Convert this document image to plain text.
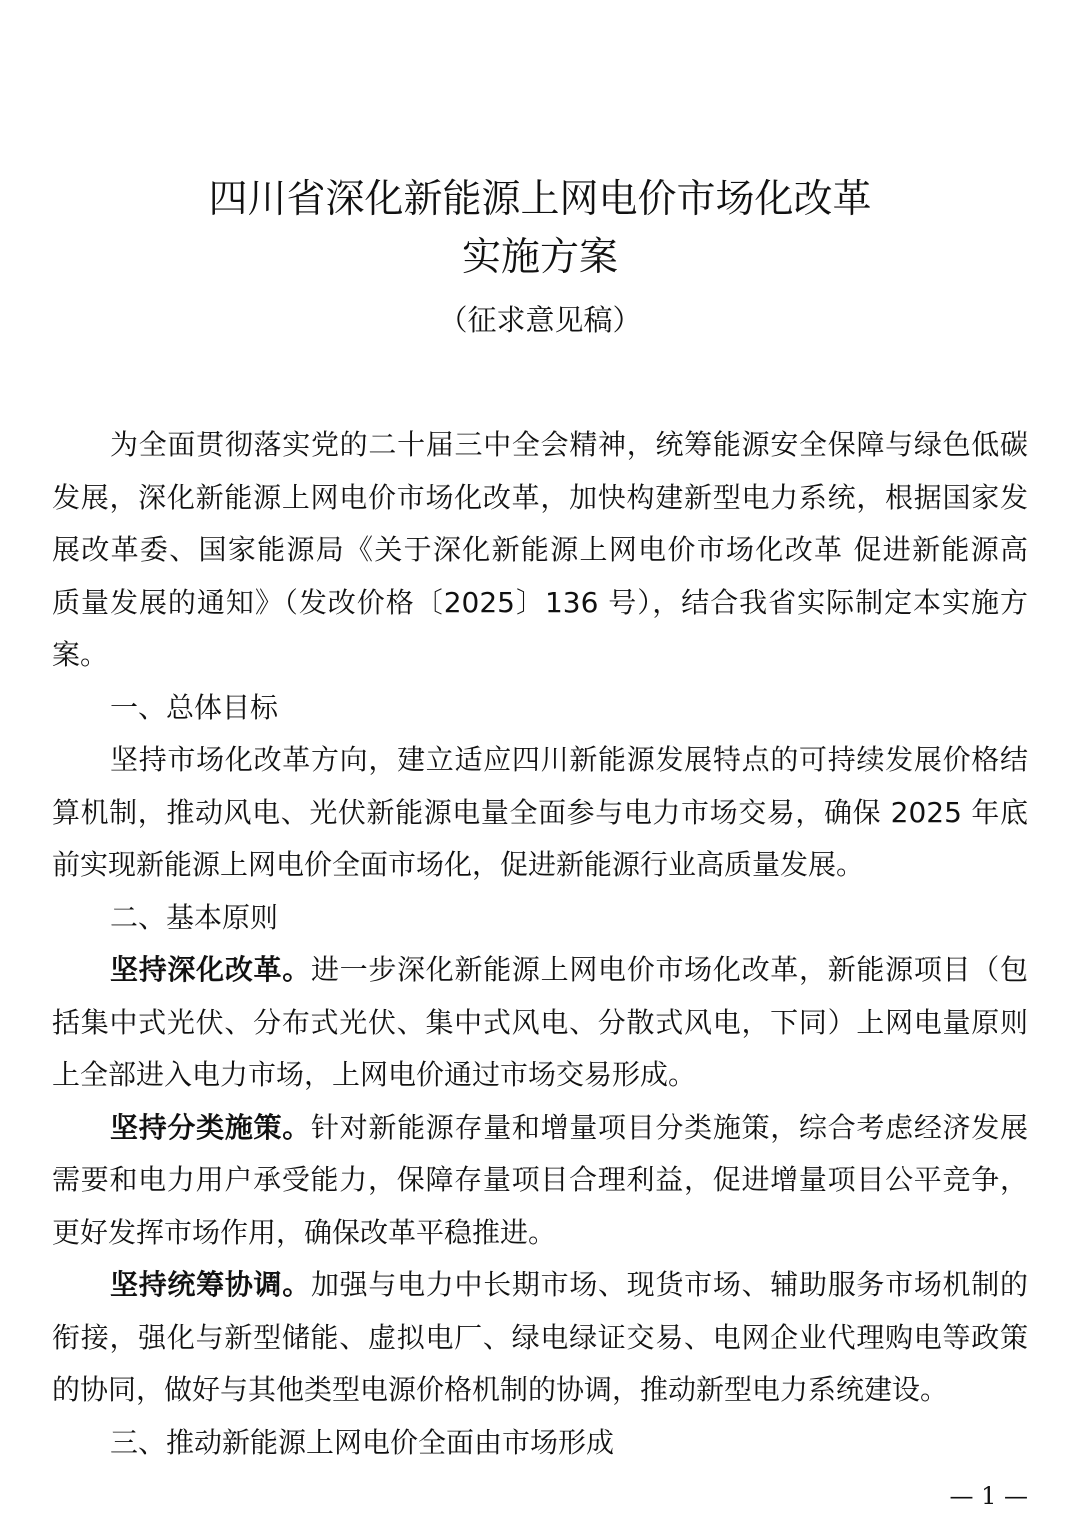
四川省深化新能源上网电价市场化改革
实施方案
（征求意见稿）
为全面贯彻落实党的二十届三中全会精神，统筹能源安全保障与绿色低碳
发展，深化新能源上网电价市场化改革，加快构建新型电力系统，根据国家发
展改革委、国家能源局《关于深化新能源上网电价市场化改革 促进新能源高
质量发展的通知》（发改价格〔2025〕136 号），结合我省实际制定本实施方
案。
一、总体目标
坚持市场化改革方向，建立适应四川新能源发展特点的可持续发展价格结
算机制，推动风电、光伏新能源电量全面参与电力市场交易，确保 2025 年底
前实现新能源上网电价全面市场化，促进新能源行业高质量发展。
二、基本原则
坚持深化改革。进一步深化新能源上网电价市场化改革，新能源项目（包
括集中式光伏、分布式光伏、集中式风电、分散式风电，下同）上网电量原则
上全部进入电力市场，上网电价通过市场交易形成。
坚持分类施策。针对新能源存量和增量项目分类施策，综合考虑经济发展
需要和电力用户承受能力，保障存量项目合理利益，促进增量项目公平竞争，
更好发挥市场作用，确保改革平稳推进。
坚持统筹协调。加强与电力中长期市场、现货市场、辅助服务市场机制的
衔接，强化与新型储能、虚拟电厂、绿电绿证交易、电网企业代理购电等政策
的协同，做好与其他类型电源价格机制的协调，推动新型电力系统建设。
三、推动新能源上网电价全面由市场形成
— 1 —
